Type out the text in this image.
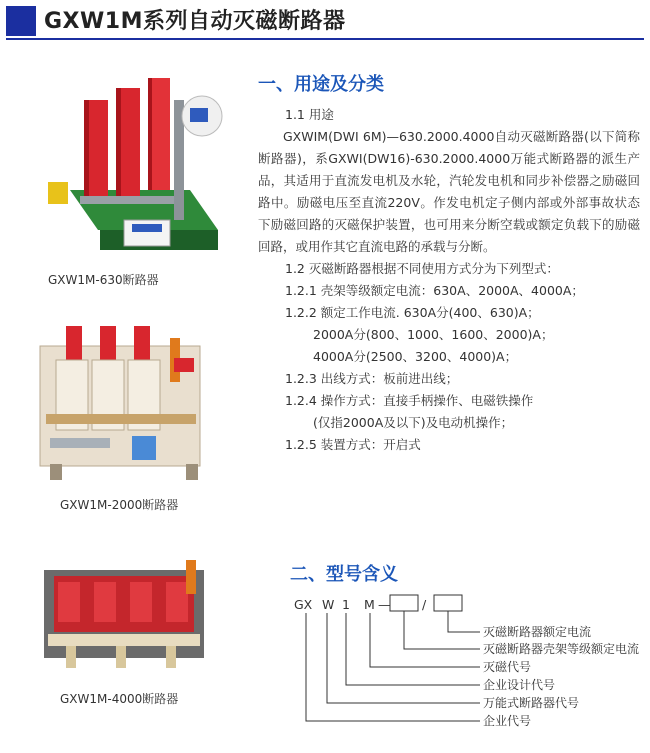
GXW1M系列自动灭磁断路器
GXW1M-630断路器
GXW1M-2000断路器
GXW1M-4000断路器
一、用途及分类

1.1 用途

GXWIM(DWI 6M)—630.2000.4000自动灭磁断路器(以下简称断路器)，系GXWI(DW16)-630.2000.4000万能式断路器的派生产品，其适用于直流发电机及水轮，汽轮发电机和同步补偿器之励磁回路中。励磁电压至直流220V。作发电机定子侧内部或外部事故状态下励磁回路的灭磁保护装置，也可用来分断空载或额定负载下的励磁回路，或用作其它直流电路的承载与分断。

1.2 灭磁断路器根据不同使用方式分为下列型式：

1.2.1 壳架等级额定电流：630A、2000A、4000A；

1.2.2 额定工作电流. 630A分(400、630)A；

2000A分(800、1000、1600、2000)A；

4000A分(2500、3200、4000)A；

1.2.3 出线方式：板前进出线；

1.2.4 操作方式：直接手柄操作、电磁铁操作

(仅指2000A及以下)及电动机操作；

1.2.5 装置方式：开启式

二、型号含义
GX W 1 M —	/
灭磁断路器额定电流
灭磁断路器壳架等级额定电流
灭磁代号
企业设计代号
万能式断路器代号
企业代号
